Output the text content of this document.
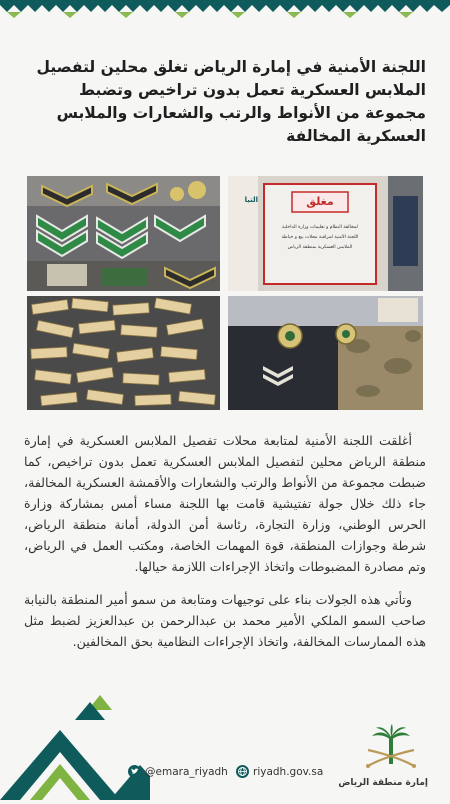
اللجنة الأمنية في إمارة الرياض تغلق محلين لتفصيل الملابس العسكرية تعمل بدون تراخيص وتضبط مجموعة من الأنواط والرتب والشعارات والملابس العسكرية المخالفة
مغلق
لمخالفة النظام و تعليمات وزارة الداخلية
اللجنة الأمنية لمراقبة محلات بيع و خياطة
الملابس العسكرية بمنطقة الرياض
التبا

أغلقت اللجنة الأمنية لمتابعة محلات تفصيل الملابس العسكرية في إمارة منطقة الرياض محلين لتفصيل الملابس العسكرية تعمل بدون تراخيص، كما ضبطت مجموعة من الأنواط والرتب والشعارات والأقمشة العسكرية المخالفة، جاء ذلك خلال جولة تفتيشية قامت بها اللجنة مساء أمس بمشاركة وزارة الحرس الوطني، وزارة التجارة، رئاسة أمن الدولة، أمانة منطقة الرياض، شرطة وجوازات المنطقة، قوة المهمات الخاصة، ومكتب العمل في الرياض، وتم مصادرة المضبوطات واتخاذ الإجراءات اللازمة حيالها.

وتأتي هذه الجولات بناء على توجيهات ومتابعة من سمو أمير المنطقة بالنيابة صاحب السمو الملكي الأمير محمد بن عبدالرحمن بن عبدالعزيز لضبط مثل هذه الممارسات المخالفة، واتخاذ الإجراءات النظامية بحق المخالفين.

@emara_riyadh riyadh.gov.sa
إمارة منطقة الرياض
